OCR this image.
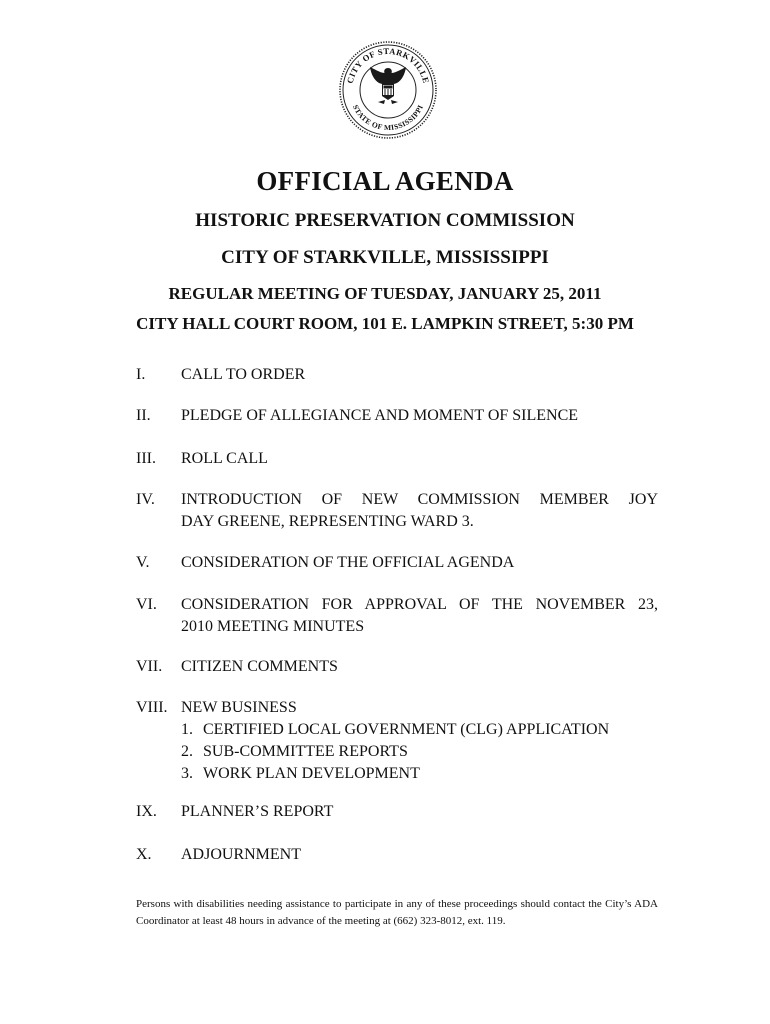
CITY OF STARKVILLE
STATE OF MISSISSIPPI
OFFICIAL AGENDA
HISTORIC PRESERVATION COMMISSION
CITY OF STARKVILLE, MISSISSIPPI
REGULAR MEETING OF TUESDAY, JANUARY 25, 2011
CITY HALL COURT ROOM, 101 E. LAMPKIN STREET, 5:30 PM
I. CALL TO ORDER
II. PLEDGE OF ALLEGIANCE AND MOMENT OF SILENCE
III. ROLL CALL
IV. INTRODUCTION OF NEW COMMISSION MEMBER JOY
DAY GREENE, REPRESENTING WARD 3.
V. CONSIDERATION OF THE OFFICIAL AGENDA
VI. CONSIDERATION FOR APPROVAL OF THE NOVEMBER 23,
2010 MEETING MINUTES
VII. CITIZEN COMMENTS
VIII. NEW BUSINESS
1. CERTIFIED LOCAL GOVERNMENT (CLG) APPLICATION
2. SUB-COMMITTEE REPORTS
3. WORK PLAN DEVELOPMENT
IX. PLANNER’S REPORT
X. ADJOURNMENT
Persons with disabilities needing assistance to participate in any of these proceedings should contact the City’s ADA Coordinator at least 48 hours in advance of the meeting at (662) 323-8012, ext. 119.
